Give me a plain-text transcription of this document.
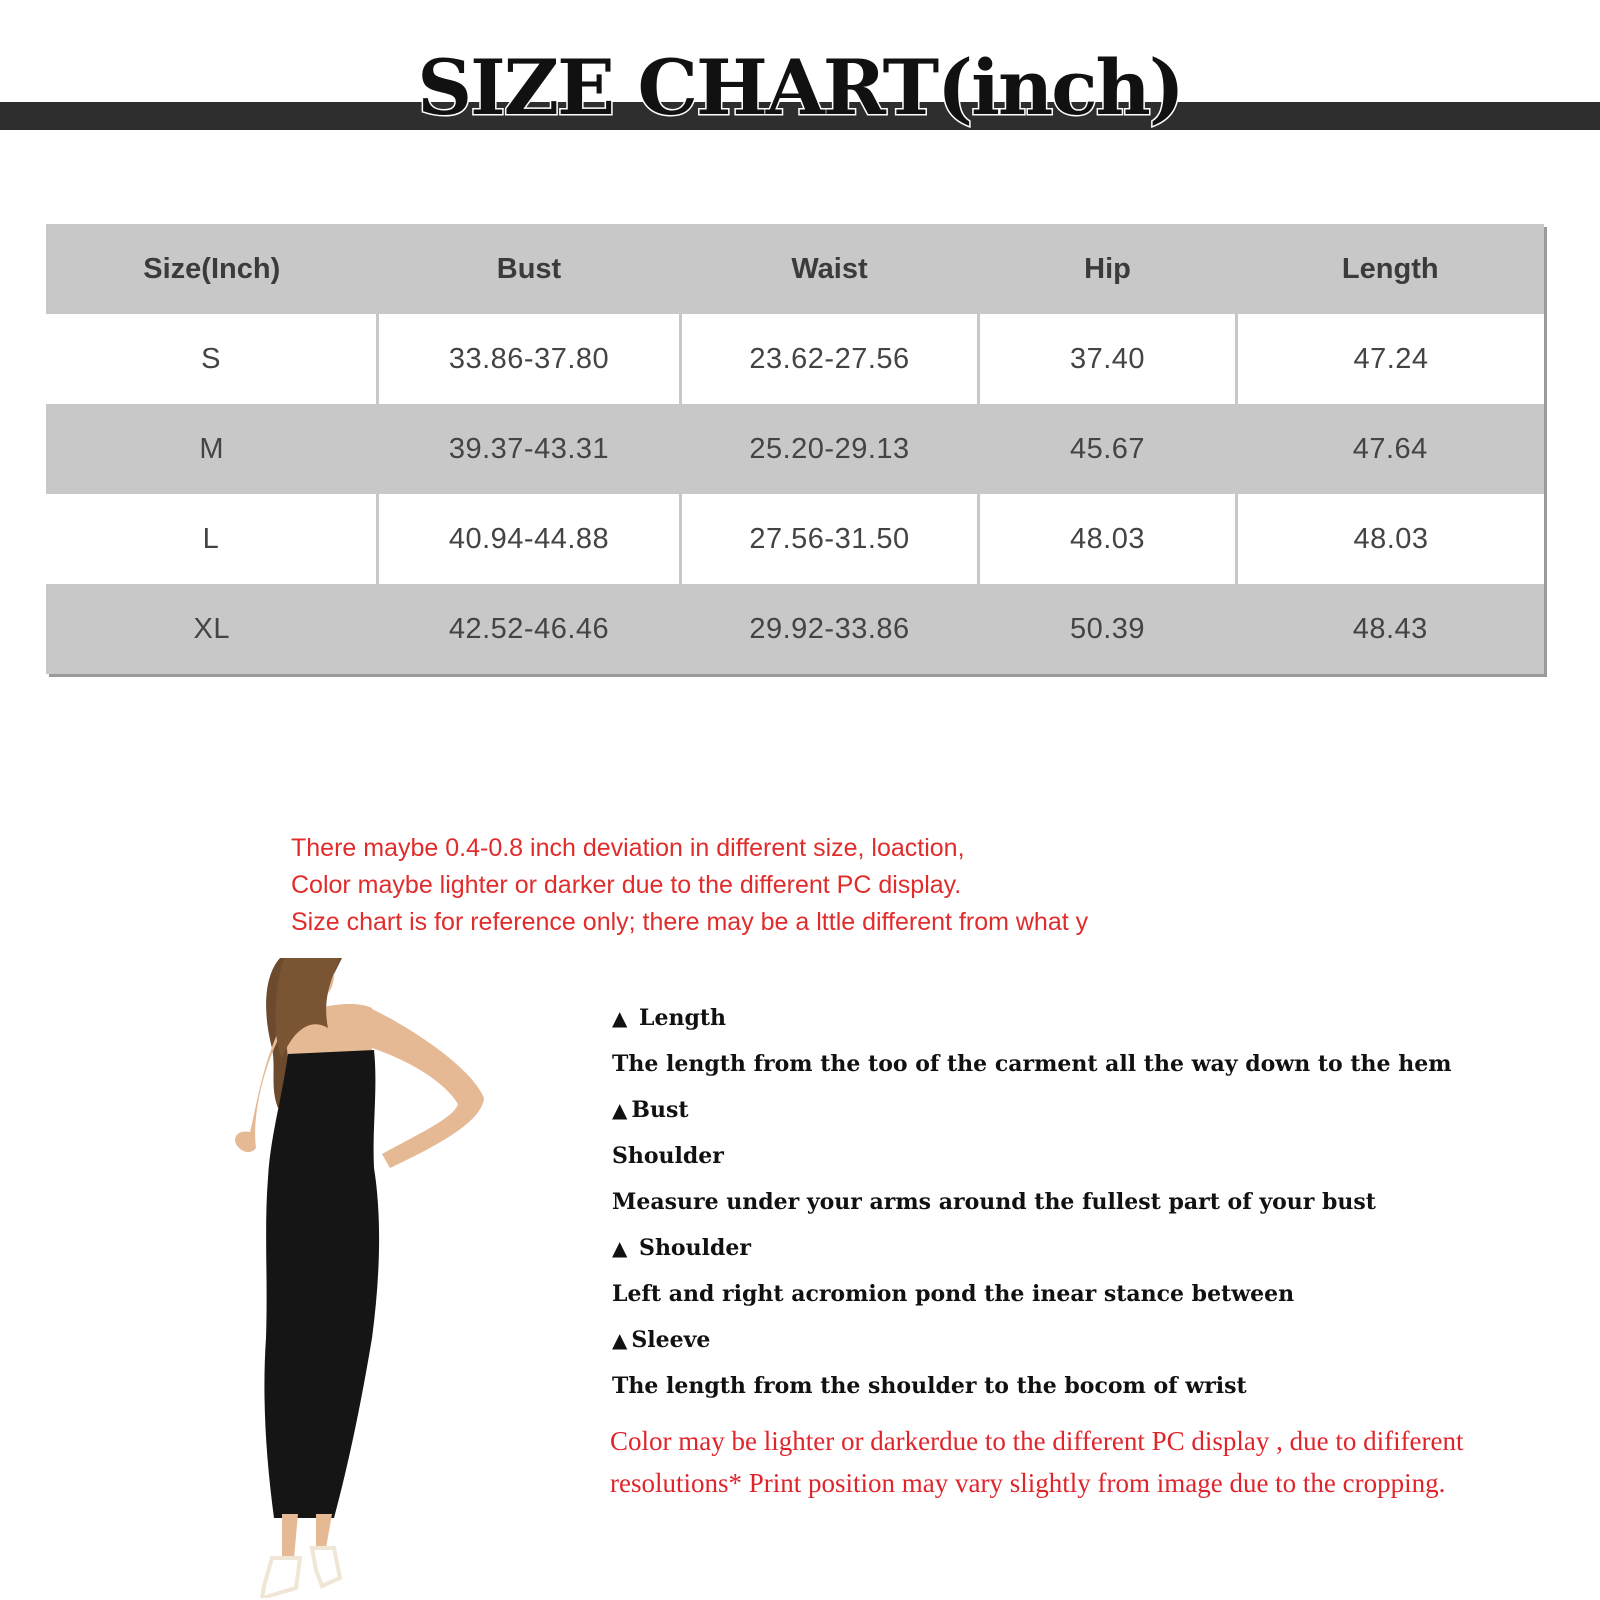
SIZE CHART(inch)
Size(Inch)	Bust	Waist	Hip	Length
S	33.86-37.80	23.62-27.56	37.40	47.24
M	39.37-43.31	25.20-29.13	45.67	47.64
L	40.94-44.88	27.56-31.50	48.03	48.03
XL	42.52-46.46	29.92-33.86	50.39	48.43
There maybe 0.4-0.8 inch deviation in different size, loaction,
Color maybe lighter or darker due to the different PC display.
Size chart is for reference only; there may be a lttle different from what y
▲ Length
The length from the too of the carment all the way down to the hem
▲ Bust
Shoulder
Measure under your arms around the fullest part of your bust
▲ Shoulder
Left and right acromion pond the inear stance between
▲ Sleeve
The length from the shoulder to the bocom of wrist
Color may be lighter or darkerdue to the different PC display , due to dififerent
resolutions* Print position may vary slightly from image due to the cropping.
